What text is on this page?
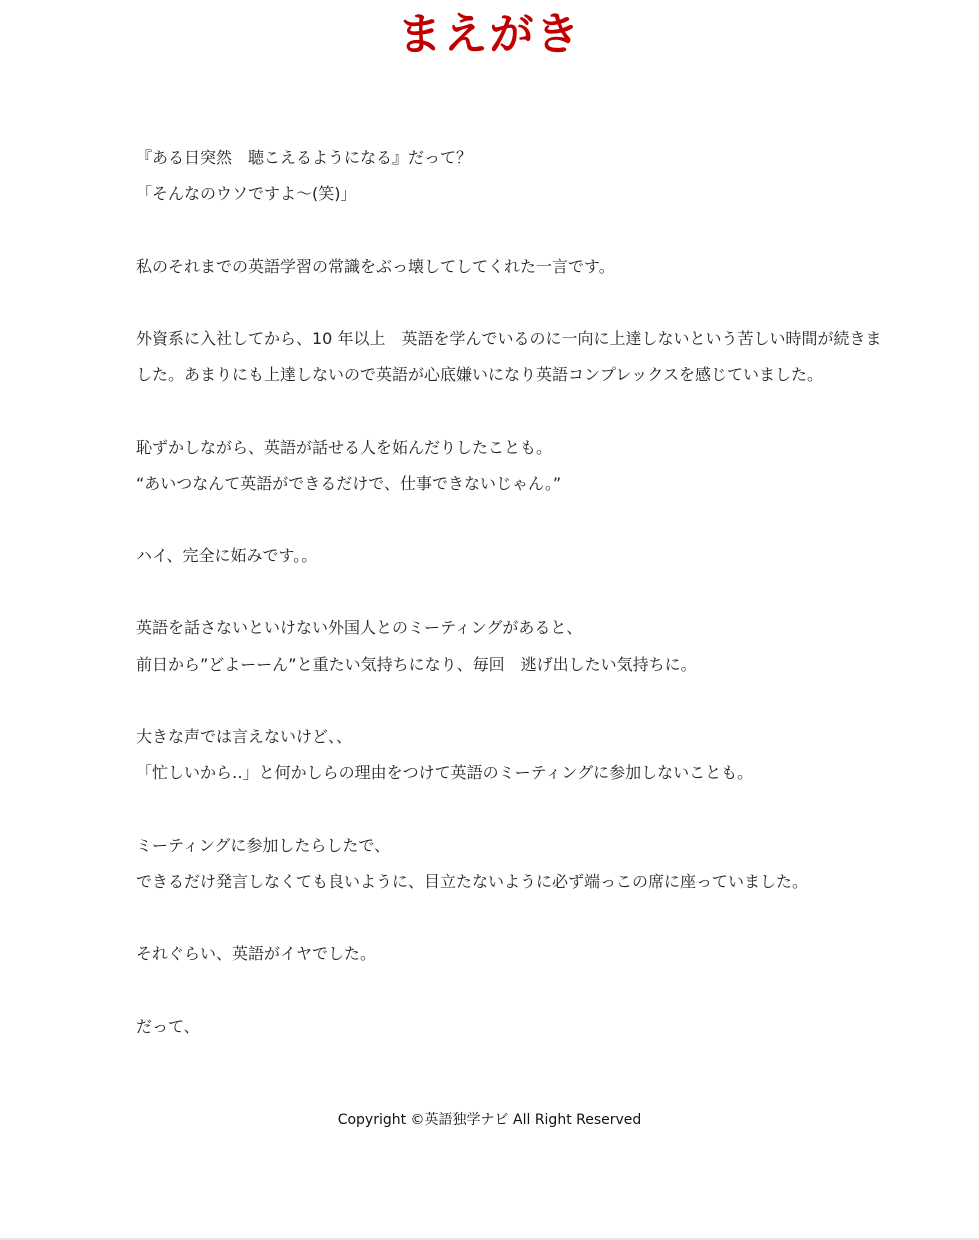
まえがき
『ある日突然　聴こえるようになる』だって？
「そんなのウソですよ～(笑)」
私のそれまでの英語学習の常識をぶっ壊してしてくれた一言です。
外資系に入社してから、10 年以上　英語を学んでいるのに一向に上達しないという苦しい時間が続きま
した。あまりにも上達しないので英語が心底嫌いになり英語コンプレックスを感じていました。
恥ずかしながら、英語が話せる人を妬んだりしたことも。
“あいつなんて英語ができるだけで、仕事できないじゃん。”
ハイ、完全に妬みです。。
英語を話さないといけない外国人とのミーティングがあると、
前日から”どよーーん”と重たい気持ちになり、毎回　逃げ出したい気持ちに。
大きな声では言えないけど、、
「忙しいから‥」と何かしらの理由をつけて英語のミーティングに参加しないことも。
ミーティングに参加したらしたで、
できるだけ発言しなくても良いように、目立たないように必ず端っこの席に座っていました。
それぐらい、英語がイヤでした。
だって、
Copyright ©英語独学ナビ All Right Reserved
